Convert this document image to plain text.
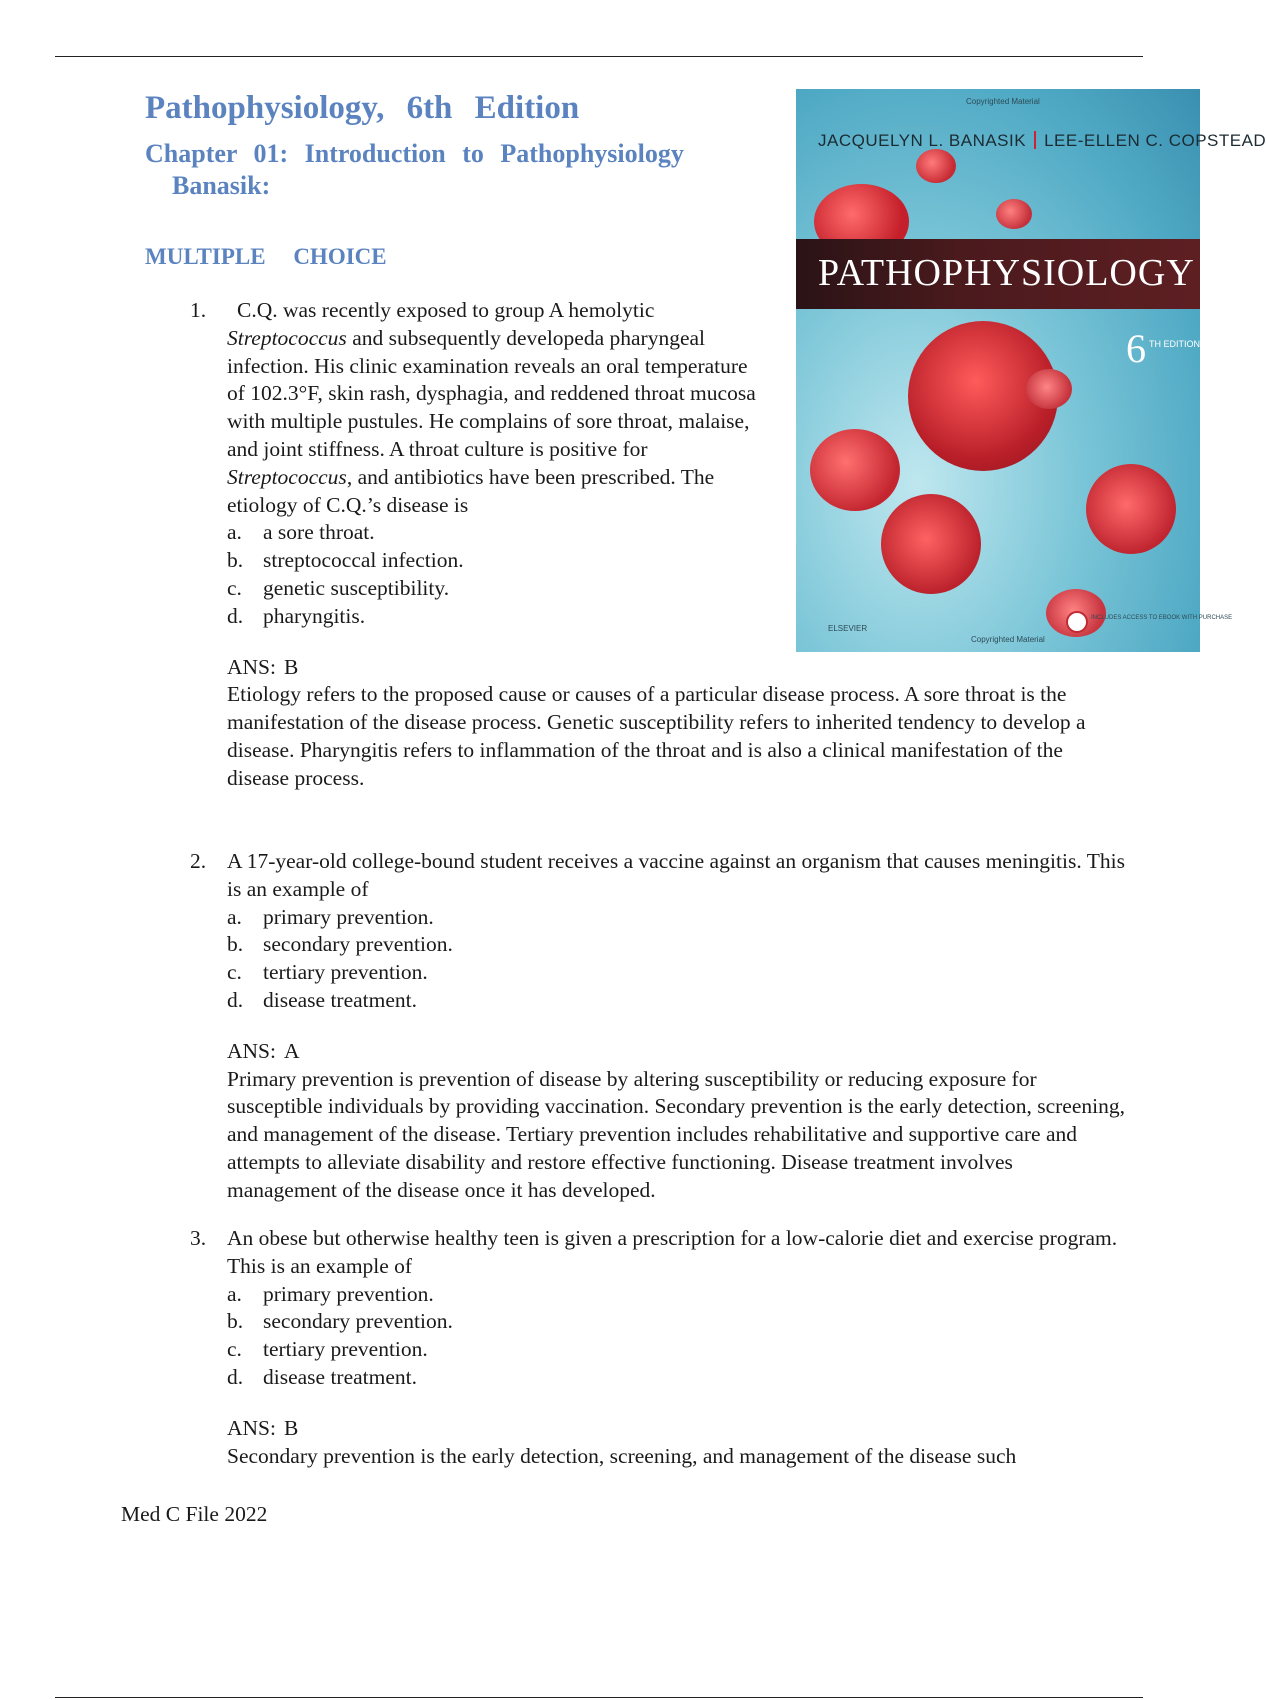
Pathophysiology, 6th Edition
Chapter 01: Introduction to Pathophysiology
Banasik:
MULTIPLE CHOICE
Copyrighted Material
JACQUELYN L. BANASIK LEE-ELLEN C. COPSTEAD
PATHOPHYSIOLOGY
6 TH EDITION
INCLUDES ACCESS TO EBOOK WITH PURCHASE
ELSEVIER
Copyrighted Material
1.	C.Q. was recently exposed to group A hemolytic
Streptococcus and subsequently developeda pharyngeal infection. His clinic examination reveals an oral temperature of 102.3°F, skin rash, dysphagia, and reddened throat mucosa with multiple pustules. He complains of sore throat, malaise, and joint stiffness. A throat culture is positive for Streptococcus, and antibiotics have been prescribed. The etiology of C.Q.’s disease is

a. a sore throat.

b. streptococcal infection.

c. genetic susceptibility.

d. pharyngitis.

ANS: B

Etiology refers to the proposed cause or causes of a particular disease process. A sore throat is the manifestation of the disease process. Genetic susceptibility refers to inherited tendency to develop a disease. Pharyngitis refers to inflammation of the throat and is also a clinical manifestation of the disease process.

2. A 17-year-old college-bound student receives a vaccine against an organism that causes meningitis. This is an example of

a. primary prevention.

b. secondary prevention.

c. tertiary prevention.

d. disease treatment.

ANS: A

Primary prevention is prevention of disease by altering susceptibility or reducing exposure for susceptible individuals by providing vaccination. Secondary prevention is the early detection, screening, and management of the disease. Tertiary prevention includes rehabilitative and supportive care and attempts to alleviate disability and restore effective functioning. Disease treatment involves management of the disease once it has developed.

3. An obese but otherwise healthy teen is given a prescription for a low-calorie diet and exercise program. This is an example of

a. primary prevention.

b. secondary prevention.

c. tertiary prevention.

d. disease treatment.

ANS: B

Secondary prevention is the early detection, screening, and management of the disease such

Med C File 2022
